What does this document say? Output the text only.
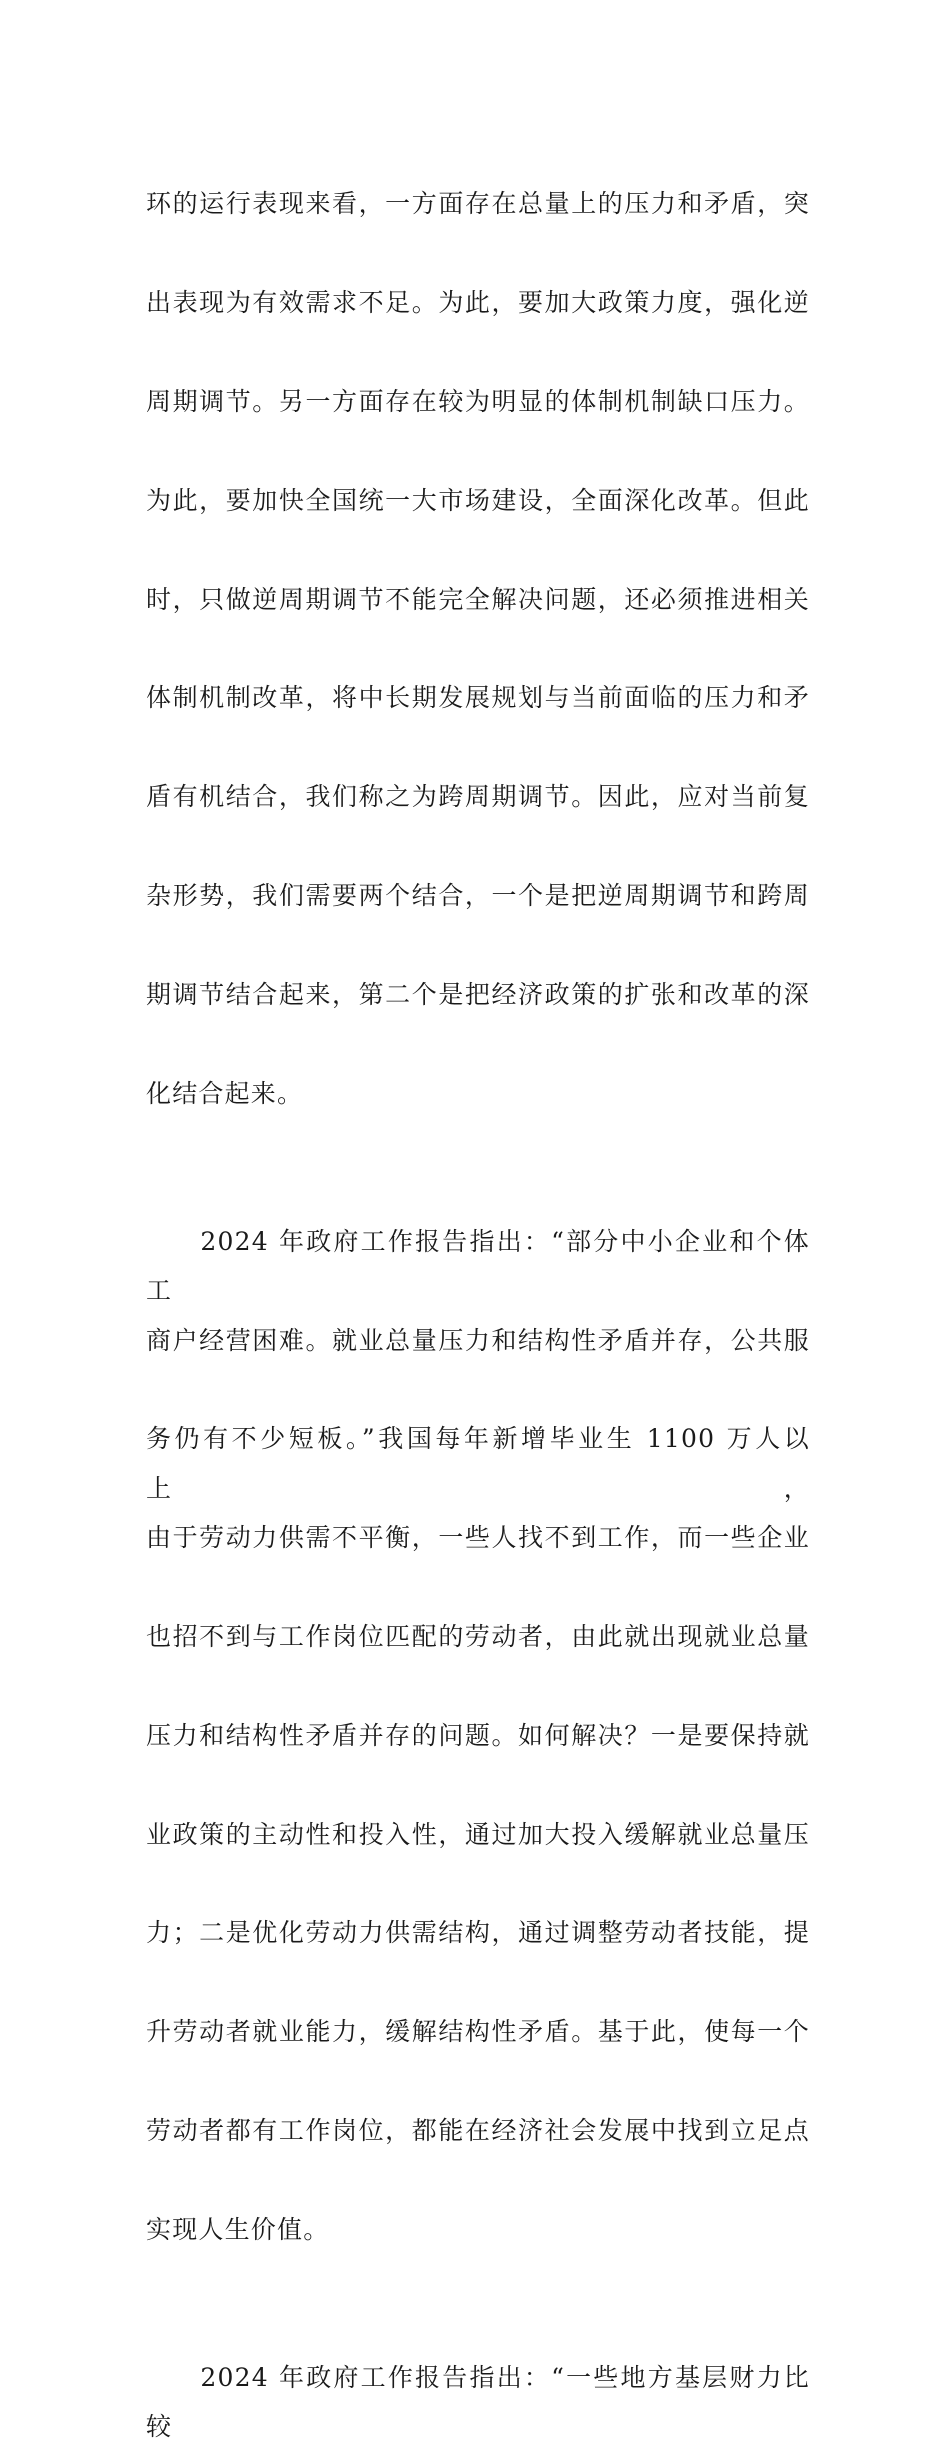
环的运行表现来看，一方面存在总量上的压力和矛盾，突

出表现为有效需求不足。为此，要加大政策力度，强化逆

周期调节。另一方面存在较为明显的体制机制缺口压力。

为此，要加快全国统一大市场建设，全面深化改革。但此

时，只做逆周期调节不能完全解决问题，还必须推进相关

体制机制改革，将中长期发展规划与当前面临的压力和矛

盾有机结合，我们称之为跨周期调节。因此，应对当前复

杂形势，我们需要两个结合，一个是把逆周期调节和跨周

期调节结合起来，第二个是把经济政策的扩张和改革的深

化结合起来。

　　2024 年政府工作报告指出：“部分中小企业和个体工

商户经营困难。就业总量压力和结构性矛盾并存，公共服

务仍有不少短板。”我国每年新增毕业生 1100 万人以上，

由于劳动力供需不平衡，一些人找不到工作，而一些企业

也招不到与工作岗位匹配的劳动者，由此就出现就业总量

压力和结构性矛盾并存的问题。如何解决？一是要保持就

业政策的主动性和投入性，通过加大投入缓解就业总量压

力；二是优化劳动力供需结构，通过调整劳动者技能，提

升劳动者就业能力，缓解结构性矛盾。基于此，使每一个

劳动者都有工作岗位，都能在经济社会发展中找到立足点

实现人生价值。

　　2024 年政府工作报告指出：“一些地方基层财力比较
